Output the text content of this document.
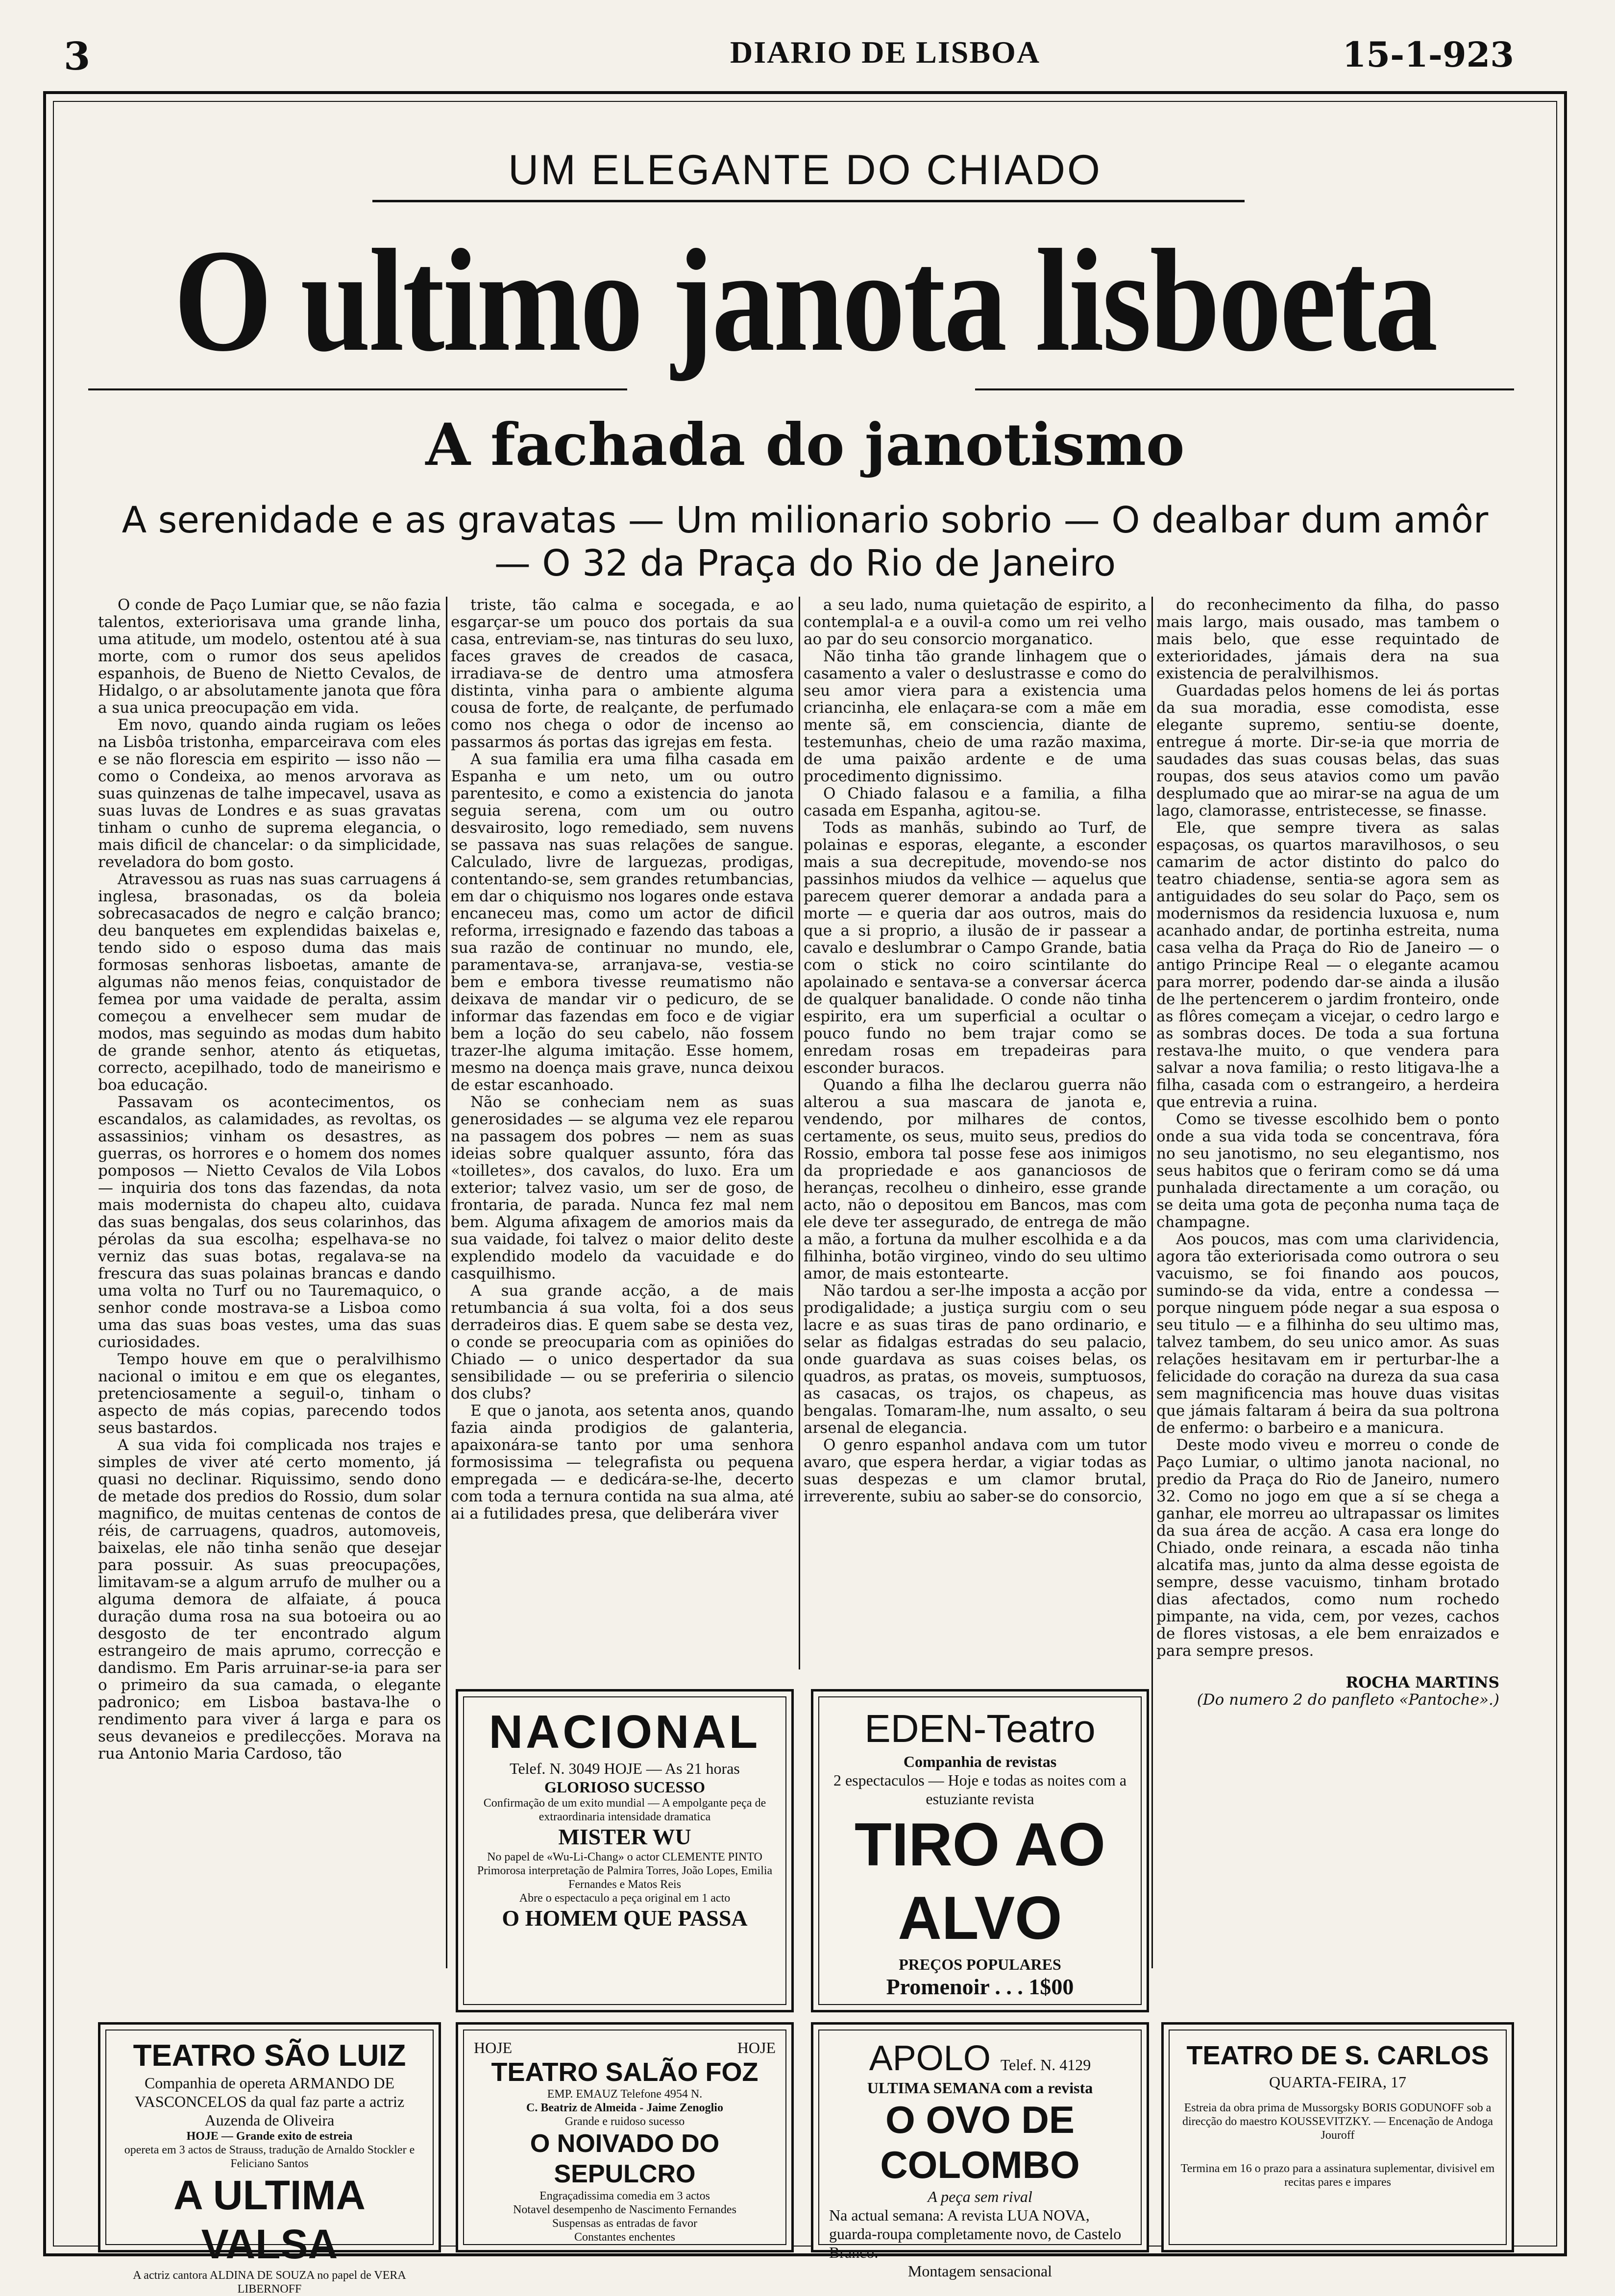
3	DIARIO DE LISBOA	15-1-923
UM ELEGANTE DO CHIADO
O ultimo janota lisboeta
A fachada do janotismo
A serenidade e as gravatas — Um milionario sobrio — O dealbar dum amôr — O 32 da Praça do Rio de Janeiro

O conde de Paço Lumiar que, se não fazia talentos, exteriorisava uma grande linha, uma atitude, um modelo, ostentou até à sua morte, com o rumor dos seus apelidos espanhois, de Bueno de Nietto Cevalos, de Hidalgo, o ar absolutamente janota que fôra a sua unica preocupação em vida.

Em novo, quando ainda rugiam os leões na Lisbôa tristonha, emparceirava com eles e se não florescia em espirito — isso não — como o Condeixa, ao menos arvorava as suas quinzenas de talhe impecavel, usava as suas luvas de Londres e as suas gravatas tinham o cunho de suprema elegancia, o mais dificil de chancelar: o da simplicidade, reveladora do bom gosto.

Atravessou as ruas nas suas carruagens á inglesa, brasonadas, os da boleia sobrecasacados de negro e calção branco; deu banquetes em explendidas baixelas e, tendo sido o esposo duma das mais formosas senhoras lisboetas, amante de algumas não menos feias, conquistador de femea por uma vaidade de peralta, assim começou a envelhecer sem mudar de modos, mas seguindo as modas dum habito de grande senhor, atento ás etiquetas, correcto, acepilhado, todo de maneirismo e boa educação.

Passavam os acontecimentos, os escandalos, as calamidades, as revoltas, os assassinios; vinham os desastres, as guerras, os horrores e o homem dos nomes pomposos — Nietto Cevalos de Vila Lobos — inquiria dos tons das fazendas, da nota mais modernista do chapeu alto, cuidava das suas bengalas, dos seus colarinhos, das pérolas da sua escolha; espelhava-se no verniz das suas botas, regalava-se na frescura das suas polainas brancas e dando uma volta no Turf ou no Tauremaquico, o senhor conde mostrava-se a Lisboa como uma das suas boas vestes, uma das suas curiosidades.

Tempo houve em que o peralvilhismo nacional o imitou e em que os elegantes, pretenciosamente a seguil-o, tinham o aspecto de más copias, parecendo todos seus bastardos.

A sua vida foi complicada nos trajes e simples de viver até certo momento, já quasi no declinar. Riquissimo, sendo dono de metade dos predios do Rossio, dum solar magnifico, de muitas centenas de contos de réis, de carruagens, quadros, automoveis, baixelas, ele não tinha senão que desejar para possuir. As suas preocupações, limitavam-se a algum arrufo de mulher ou a alguma demora de alfaiate, á pouca duração duma rosa na sua botoeira ou ao desgosto de ter encontrado algum estrangeiro de mais aprumo, correcção e dandismo. Em Paris arruinar-se-ia para ser o primeiro da sua camada, o elegante padronico; em Lisboa bastava-lhe o rendimento para viver á larga e para os seus devaneios e predilecções. Morava na rua Antonio Maria Cardoso, tão

triste, tão calma e socegada, e ao esgarçar-se um pouco dos portais da sua casa, entreviam-se, nas tinturas do seu luxo, faces graves de creados de casaca, irradiava-se de dentro uma atmosfera distinta, vinha para o ambiente alguma cousa de forte, de realçante, de perfumado como nos chega o odor de incenso ao passarmos ás portas das igrejas em festa.

A sua familia era uma filha casada em Espanha e um neto, um ou outro parentesito, e como a existencia do janota seguia serena, com um ou outro desvairosito, logo remediado, sem nuvens se passava nas suas relações de sangue. Calculado, livre de larguezas, prodigas, contentando-se, sem grandes retumbancias, em dar o chiquismo nos logares onde estava encaneceu mas, como um actor de dificil reforma, irresignado e fazendo das taboas a sua razão de continuar no mundo, ele, paramentava-se, arranjava-se, vestia-se bem e embora tivesse reumatismo não deixava de mandar vir o pedicuro, de se informar das fazendas em foco e de vigiar bem a loção do seu cabelo, não fossem trazer-lhe alguma imitação. Esse homem, mesmo na doença mais grave, nunca deixou de estar escanhoado.

Não se conheciam nem as suas generosidades — se alguma vez ele reparou na passagem dos pobres — nem as suas ideias sobre qualquer assunto, fóra das «toilletes», dos cavalos, do luxo. Era um exterior; talvez vasio, um ser de goso, de frontaria, de parada. Nunca fez mal nem bem. Alguma afixagem de amorios mais da sua vaidade, foi talvez o maior delito deste explendido modelo da vacuidade e do casquilhismo.

A sua grande acção, a de mais retumbancia á sua volta, foi a dos seus derradeiros dias. E quem sabe se desta vez, o conde se preocuparia com as opiniões do Chiado — o unico despertador da sua sensibilidade — ou se preferiria o silencio dos clubs?

E que o janota, aos setenta anos, quando fazia ainda prodigios de galanteria, apaixonára-se tanto por uma senhora formosissima — telegrafista ou pequena empregada — e dedicára-se-lhe, decerto com toda a ternura contida na sua alma, até ai a futilidades presa, que deliberára viver

a seu lado, numa quietação de espirito, a contemplal-a e a ouvil-a como um rei velho ao par do seu consorcio morganatico.

Não tinha tão grande linhagem que o casamento a valer o deslustrasse e como do seu amor viera para a existencia uma criancinha, ele enlaçara-se com a mãe em mente sã, em consciencia, diante de testemunhas, cheio de uma razão maxima, de uma paixão ardente e de uma procedimento dignissimo.

O Chiado falasou e a familia, a filha casada em Espanha, agitou-se.

Tods as manhãs, subindo ao Turf, de polainas e esporas, elegante, a esconder mais a sua decrepitude, movendo-se nos passinhos miudos da velhice — aquelus que parecem querer demorar a andada para a morte — e queria dar aos outros, mais do que a si proprio, a ilusão de ir passear a cavalo e deslumbrar o Campo Grande, batia com o stick no coiro scintilante do apolainado e sentava-se a conversar ácerca de qualquer banalidade. O conde não tinha espirito, era um superficial a ocultar o pouco fundo no bem trajar como se enredam rosas em trepadeiras para esconder buracos.

Quando a filha lhe declarou guerra não alterou a sua mascara de janota e, vendendo, por milhares de contos, certamente, os seus, muito seus, predios do Rossio, embora tal posse fese aos inimigos da propriedade e aos gananciosos de heranças, recolheu o dinheiro, esse grande acto, não o depositou em Bancos, mas com ele deve ter assegurado, de entrega de mão a mão, a fortuna da mulher escolhida e a da filhinha, botão virgineo, vindo do seu ultimo amor, de mais estontearte.

Não tardou a ser-lhe imposta a acção por prodigalidade; a justiça surgiu com o seu lacre e as suas tiras de pano ordinario, e selar as fidalgas estradas do seu palacio, onde guardava as suas coises belas, os quadros, as pratas, os moveis, sumptuosos, as casacas, os trajos, os chapeus, as bengalas. Tomaram-lhe, num assalto, o seu arsenal de elegancia.

O genro espanhol andava com um tutor avaro, que espera herdar, a vigiar todas as suas despezas e um clamor brutal, irreverente, subiu ao saber-se do consorcio,

do reconhecimento da filha, do passo mais largo, mais ousado, mas tambem o mais belo, que esse requintado de exterioridades, jámais dera na sua existencia de peralvilhismos.

Guardadas pelos homens de lei ás portas da sua moradia, esse comodista, esse elegante supremo, sentiu-se doente, entregue á morte. Dir-se-ia que morria de saudades das suas cousas belas, das suas roupas, dos seus atavios como um pavão desplumado que ao mirar-se na agua de um lago, clamorasse, entristecesse, se finasse.

Ele, que sempre tivera as salas espaçosas, os quartos maravilhosos, o seu camarim de actor distinto do palco do teatro chiadense, sentia-se agora sem as antiguidades do seu solar do Paço, sem os modernismos da residencia luxuosa e, num acanhado andar, de portinha estreita, numa casa velha da Praça do Rio de Janeiro — o antigo Principe Real — o elegante acamou para morrer, podendo dar-se ainda a ilusão de lhe pertencerem o jardim fronteiro, onde as flôres começam a vicejar, o cedro largo e as sombras doces. De toda a sua fortuna restava-lhe muito, o que vendera para salvar a nova familia; o resto litigava-lhe a filha, casada com o estrangeiro, a herdeira que entrevia a ruina.

Como se tivesse escolhido bem o ponto onde a sua vida toda se concentrava, fóra no seu janotismo, no seu elegantismo, nos seus habitos que o feriram como se dá uma punhalada directamente a um coração, ou se deita uma gota de peçonha numa taça de champagne.

Aos poucos, mas com uma clarividencia, agora tão exteriorisada como outrora o seu vacuismo, se foi finando aos poucos, sumindo-se da vida, entre a condessa — porque ninguem póde negar a sua esposa o seu titulo — e a filhinha do seu ultimo mas, talvez tambem, do seu unico amor. As suas relações hesitavam em ir perturbar-lhe a felicidade do coração na dureza da sua casa sem magnificencia mas houve duas visitas que jámais faltaram á beira da sua poltrona de enfermo: o barbeiro e a manicura.

Deste modo viveu e morreu o conde de Paço Lumiar, o ultimo janota nacional, no predio da Praça do Rio de Janeiro, numero 32. Como no jogo em que a sí se chega a ganhar, ele morreu ao ultrapassar os limites da sua área de acção. A casa era longe do Chiado, onde reinara, a escada não tinha alcatifa mas, junto da alma desse egoista de sempre, desse vacuismo, tinham brotado dias afectados, como num rochedo pimpante, na vida, cem, por vezes, cachos de flores vistosas, a ele bem enraizados e para sempre presos.

ROCHA MARTINS
(Do numero 2 do panfleto «Pantoche».)
NACIONAL
Telef. N. 3049 HOJE — As 21 horas
GLORIOSO SUCESSO
Confirmação de um exito mundial — A empolgante peça de extraordinaria intensidade dramatica
MISTER WU
No papel de «Wu-Li-Chang» o actor CLEMENTE PINTO
Primorosa interpretação de Palmira Torres, João Lopes, Emilia Fernandes e Matos Reis
Abre o espectaculo a peça original em 1 acto
O HOMEM QUE PASSA
EDEN-Teatro
Companhia de revistas
2 espectaculos — Hoje e todas as noites com a estuziante revista
TIRO AO ALVO
PREÇOS POPULARES
Promenoir . . . 1$00
TEATRO SÃO LUIZ
Companhia de opereta ARMANDO DE VASCONCELOS da qual faz parte a actriz Auzenda de Oliveira
HOJE — Grande exito de estreia
opereta em 3 actos de Strauss, tradução de Arnaldo Stockler e Feliciano Santos
A ULTIMA VALSA
A actriz cantora ALDINA DE SOUZA no papel de VERA LIBERNOFF
HOJE	HOJE
TEATRO SALÃO FOZ
EMP. EMAUZ Telefone 4954 N.
C. Beatriz de Almeida - Jaime Zenoglio
Grande e ruidoso sucesso
O NOIVADO DO SEPULCRO
Engraçadissima comedia em 3 actos
Notavel desempenho de Nascimento Fernandes
Suspensas as entradas de favor
Constantes enchentes
APOLO Telef. N. 4129
ULTIMA SEMANA com a revista
O OVO DE COLOMBO
A peça sem rival
Na actual semana: A revista LUA NOVA, guarda-roupa completamente novo, de Castelo Branco.
Montagem sensacional
TEATRO DE S. CARLOS
QUARTA-FEIRA, 17
Estreia da obra prima de Mussorgsky BORIS GODUNOFF sob a direcção do maestro KOUSSEVITZKY. — Encenação de Andoga Jouroff
Termina em 16 o prazo para a assinatura suplementar, divisivel em recitas pares e impares
